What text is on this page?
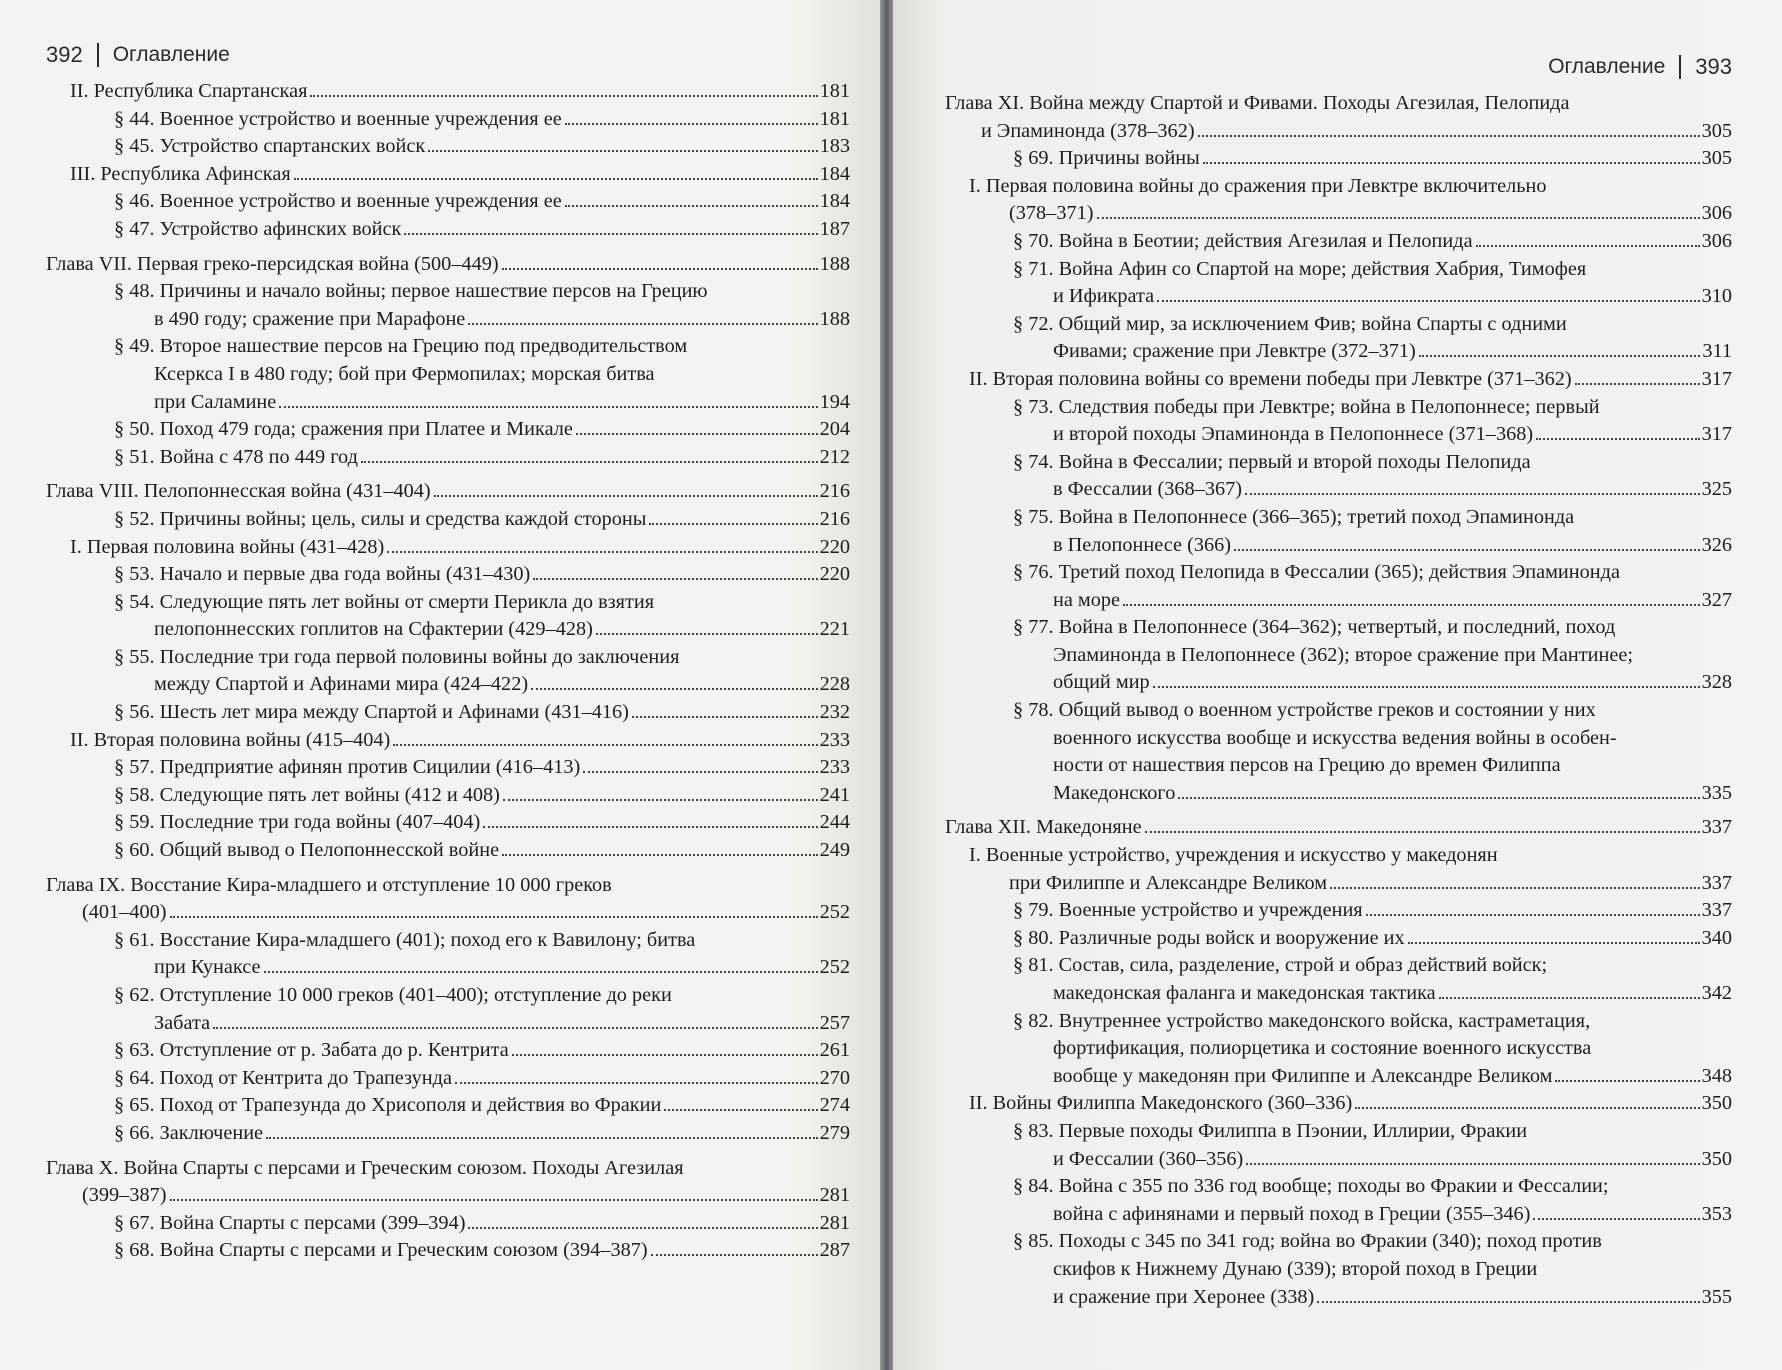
392 Оглавление
II. Республика Спартанская	181
§ 44. Военное устройство и военные учреждения ее	181
§ 45. Устройство спартанских войск	183
III. Республика Афинская	184
§ 46. Военное устройство и военные учреждения ее	184
§ 47. Устройство афинских войск	187
Глава VII. Первая греко-персидская война (500–449)	188
§ 48. Причины и начало войны; первое нашествие персов на Грецию
в 490 году; сражение при Марафоне	188
§ 49. Второе нашествие персов на Грецию под предводительством
Ксеркса I в 480 году; бой при Фермопилах; морская битва
при Саламине	194
§ 50. Поход 479 года; сражения при Платее и Микале	204
§ 51. Война с 478 по 449 год	212
Глава VIII. Пелопоннесская война (431–404)	216
§ 52. Причины войны; цель, силы и средства каждой стороны	216
I. Первая половина войны (431–428)	220
§ 53. Начало и первые два года войны (431–430)	220
§ 54. Следующие пять лет войны от смерти Перикла до взятия
пелопоннесских гоплитов на Сфактерии (429–428)	221
§ 55. Последние три года первой половины войны до заключения
между Спартой и Афинами мира (424–422)	228
§ 56. Шесть лет мира между Спартой и Афинами (431–416)	232
II. Вторая половина войны (415–404)	233
§ 57. Предприятие афинян против Сицилии (416–413)	233
§ 58. Следующие пять лет войны (412 и 408)	241
§ 59. Последние три года войны (407–404)	244
§ 60. Общий вывод о Пелопоннесской войне	249
Глава IX. Восстание Кира-младшего и отступление 10 000 греков
(401–400)	252
§ 61. Восстание Кира-младшего (401); поход его к Вавилону; битва
при Кунаксе	252
§ 62. Отступление 10 000 греков (401–400); отступление до реки
Забата	257
§ 63. Отступление от р. Забата до р. Кентрита	261
§ 64. Поход от Кентрита до Трапезунда	270
§ 65. Поход от Трапезунда до Хрисополя и действия во Фракии	274
§ 66. Заключение	279
Глава X. Война Спарты с персами и Греческим союзом. Походы Агезилая
(399–387)	281
§ 67. Война Спарты с персами (399–394)	281
§ 68. Война Спарты с персами и Греческим союзом (394–387)	287
Оглавление 393
Глава XI. Война между Спартой и Фивами. Походы Агезилая, Пелопида
и Эпаминонда (378–362)	305
§ 69. Причины войны	305
I. Первая половина войны до сражения при Левктре включительно
(378–371)	306
§ 70. Война в Беотии; действия Агезилая и Пелопида	306
§ 71. Война Афин со Спартой на море; действия Хабрия, Тимофея
и Ификрата	310
§ 72. Общий мир, за исключением Фив; война Спарты с одними
Фивами; сражение при Левктре (372–371)	311
II. Вторая половина войны со времени победы при Левктре (371–362)	317
§ 73. Следствия победы при Левктре; война в Пелопоннесе; первый
и второй походы Эпаминонда в Пелопоннесе (371–368)	317
§ 74. Война в Фессалии; первый и второй походы Пелопида
в Фессалии (368–367)	325
§ 75. Война в Пелопоннесе (366–365); третий поход Эпаминонда
в Пелопоннесе (366)	326
§ 76. Третий поход Пелопида в Фессалии (365); действия Эпаминонда
на море	327
§ 77. Война в Пелопоннесе (364–362); четвертый, и последний, поход
Эпаминонда в Пелопоннесе (362); второе сражение при Мантинее;
общий мир	328
§ 78. Общий вывод о военном устройстве греков и состоянии у них
военного искусства вообще и искусства ведения войны в особен-
ности от нашествия персов на Грецию до времен Филиппа
Македонского	335
Глава XII. Македоняне	337
I. Военные устройство, учреждения и искусство у македонян
при Филиппе и Александре Великом	337
§ 79. Военные устройство и учреждения	337
§ 80. Различные роды войск и вооружение их	340
§ 81. Состав, сила, разделение, строй и образ действий войск;
македонская фаланга и македонская тактика	342
§ 82. Внутреннее устройство македонского войска, кастраметация,
фортификация, полиорцетика и состояние военного искусства
вообще у македонян при Филиппе и Александре Великом	348
II. Войны Филиппа Македонского (360–336)	350
§ 83. Первые походы Филиппа в Пэонии, Иллирии, Фракии
и Фессалии (360–356)	350
§ 84. Война с 355 по 336 год вообще; походы во Фракии и Фессалии;
война с афинянами и первый поход в Греции (355–346)	353
§ 85. Походы с 345 по 341 год; война во Фракии (340); поход против
скифов к Нижнему Дунаю (339); второй поход в Греции
и сражение при Херонее (338)	355
